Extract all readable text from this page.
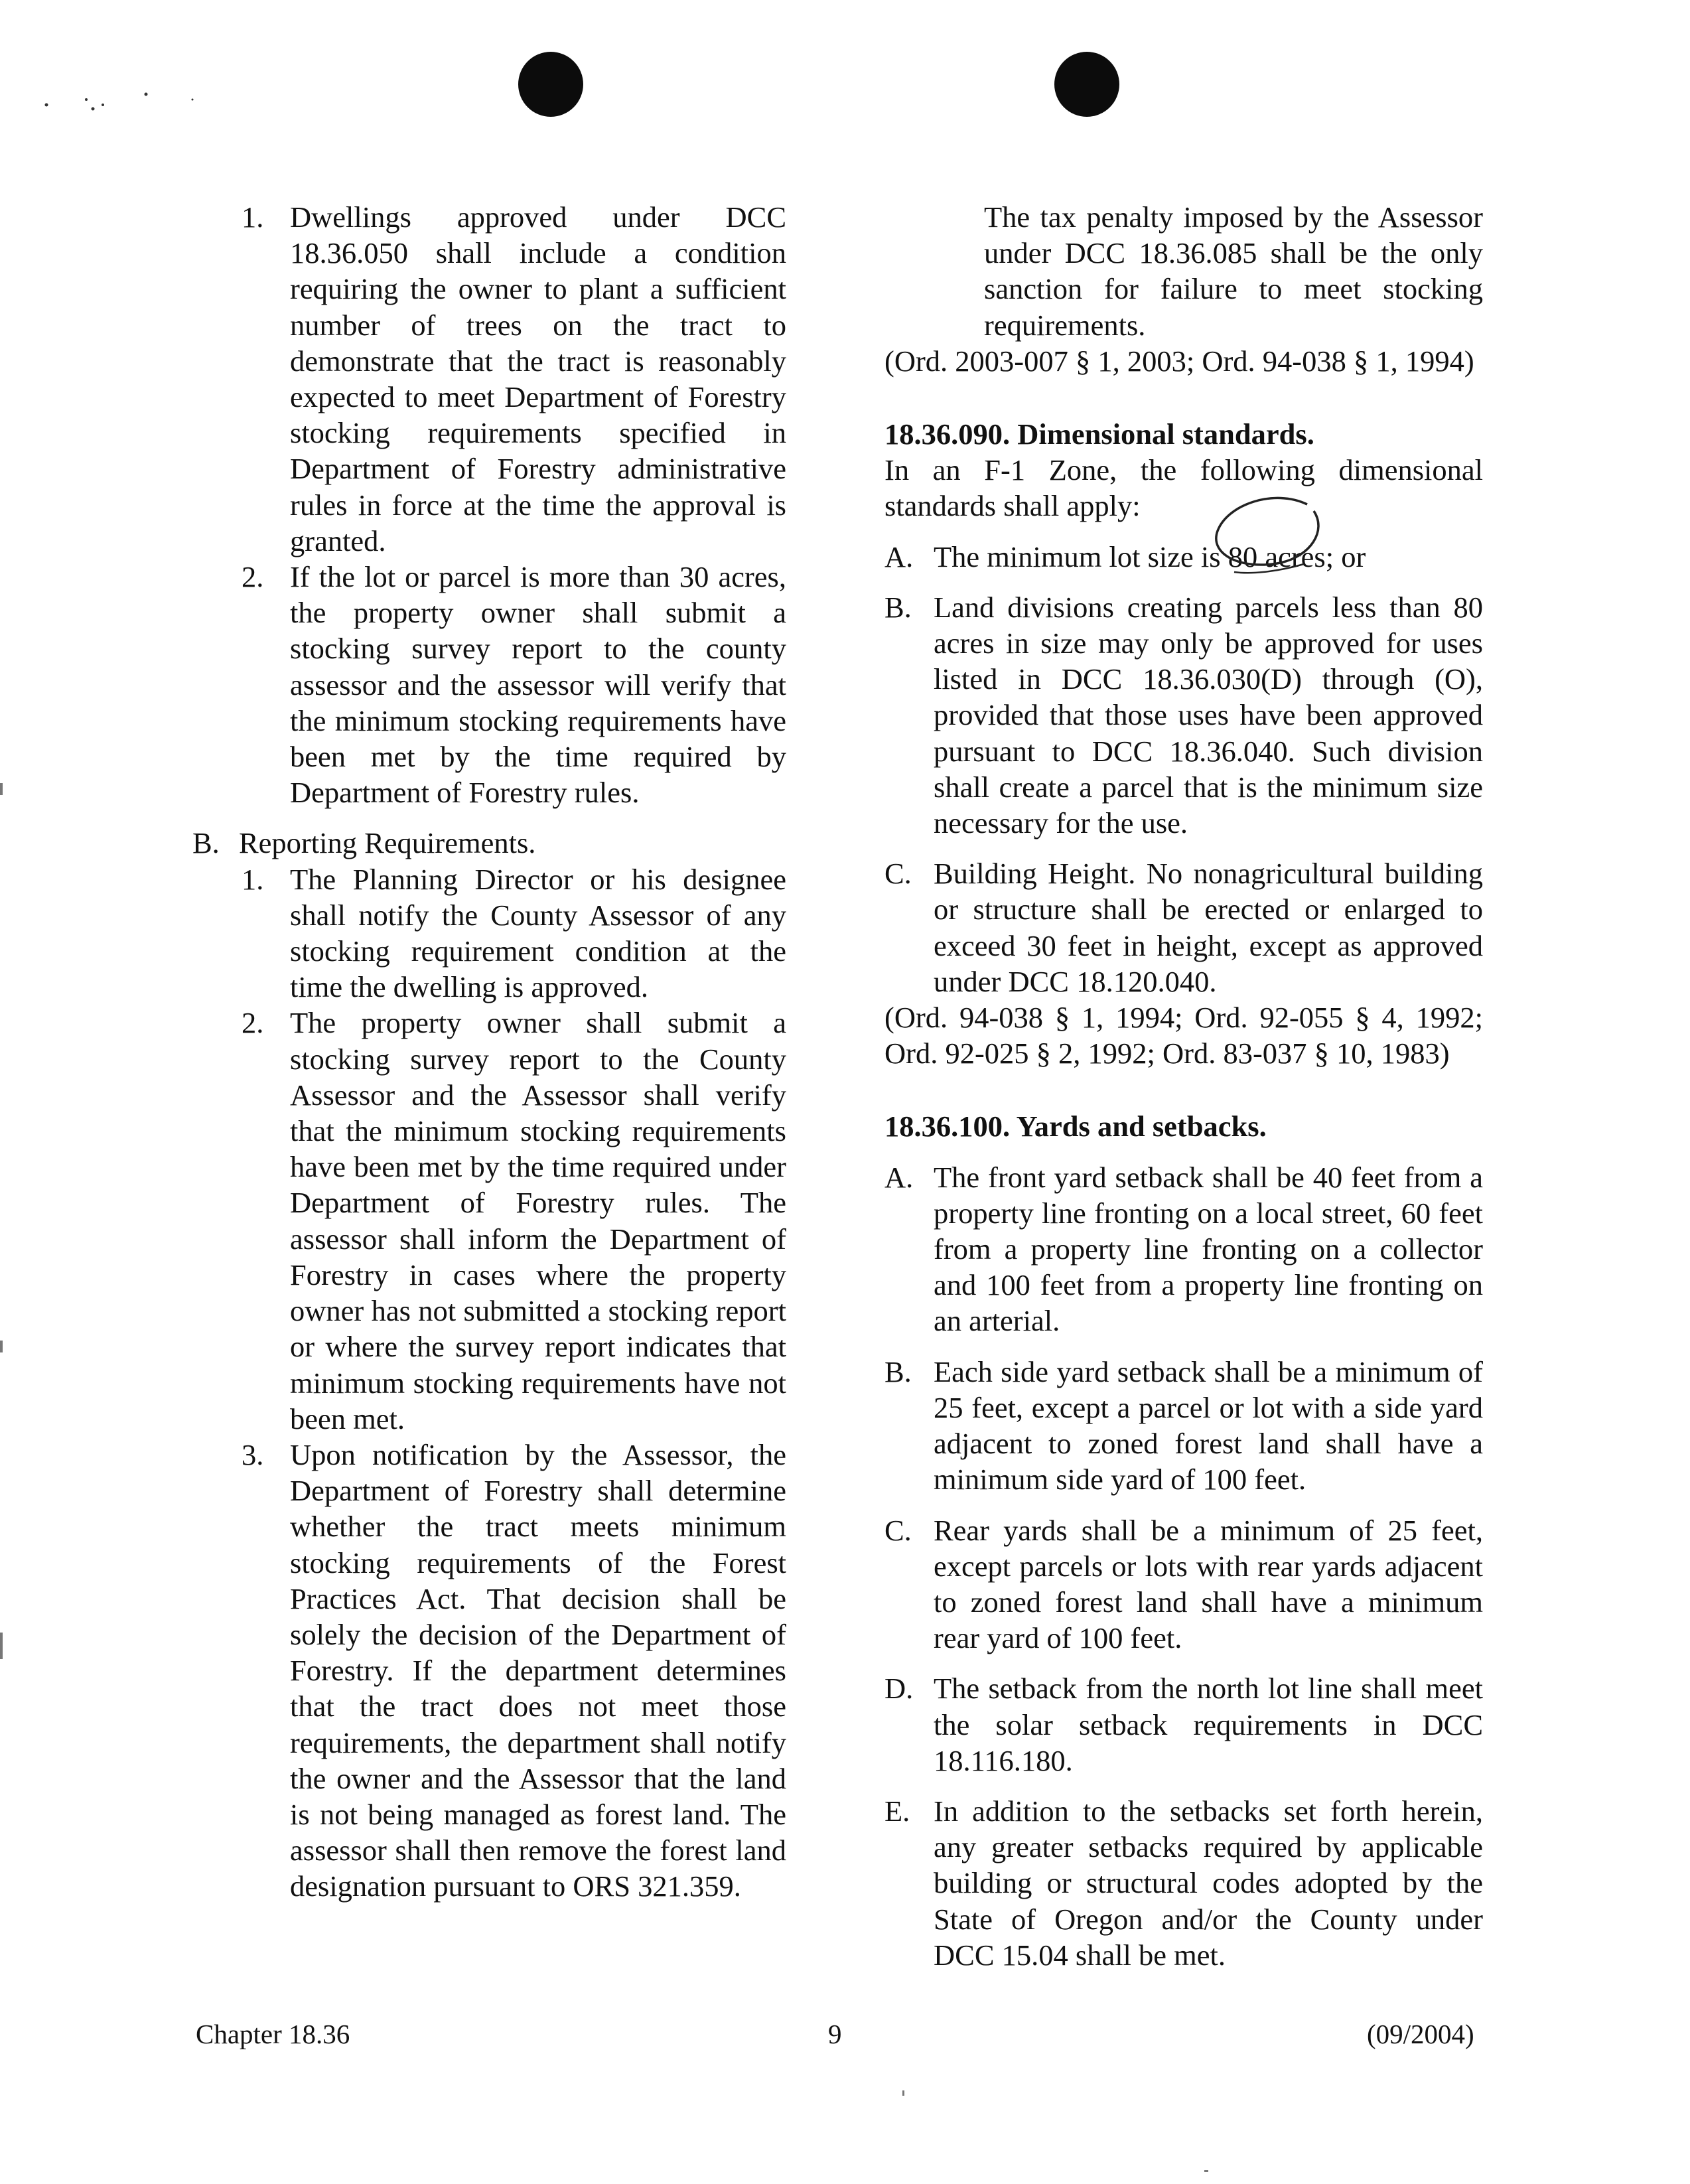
1. Dwellings approved under DCC 18.36.050 shall include a condition requiring the owner to plant a sufficient number of trees on the tract to demonstrate that the tract is reasonably expected to meet Department of Forestry stocking requirements specified in Department of Forestry administrative rules in force at the time the approval is granted.

2. If the lot or parcel is more than 30 acres, the property owner shall submit a stocking survey report to the county assessor and the assessor will verify that the minimum stocking requirements have been met by the time required by Department of Forestry rules.

B. Reporting Requirements.
1. The Planning Director or his designee shall notify the County Assessor of any stocking requirement condition at the time the dwelling is approved.

2. The property owner shall submit a stocking survey report to the County Assessor and the Assessor shall verify that the minimum stocking requirements have been met by the time required under Department of Forestry rules. The assessor shall inform the Department of Forestry in cases where the property owner has not submitted a stocking report or where the survey report indicates that minimum stocking requirements have not been met.

3. Upon notification by the Assessor, the Department of Forestry shall determine whether the tract meets minimum stocking requirements of the Forest Practices Act. That decision shall be solely the decision of the Department of Forestry. If the department determines that the tract does not meet those requirements, the department shall notify the owner and the Assessor that the land is not being managed as forest land. The assessor shall then remove the forest land designation pursuant to ORS 321.359.

The tax penalty imposed by the Assessor under DCC 18.36.085 shall be the only sanction for failure to meet stocking requirements.

(Ord. 2003-007 § 1, 2003; Ord. 94-038 § 1, 1994)

18.36.090. Dimensional standards.

In an F-1 Zone, the following dimensional standards shall apply:

A. The minimum lot size is 80 acres; or

B. Land divisions creating parcels less than 80 acres in size may only be approved for uses listed in DCC 18.36.030(D) through (O), provided that those uses have been approved pursuant to DCC 18.36.040. Such division shall create a parcel that is the minimum size necessary for the use.

C. Building Height. No nonagricultural building or structure shall be erected or enlarged to exceed 30 feet in height, except as approved under DCC 18.120.040.

(Ord. 94-038 § 1, 1994; Ord. 92-055 § 4, 1992; Ord. 92-025 § 2, 1992; Ord. 83-037 § 10, 1983)

18.36.100. Yards and setbacks.

A. The front yard setback shall be 40 feet from a property line fronting on a local street, 60 feet from a property line fronting on a collector and 100 feet from a property line fronting on an arterial.

B. Each side yard setback shall be a minimum of 25 feet, except a parcel or lot with a side yard adjacent to zoned forest land shall have a minimum side yard of 100 feet.

C. Rear yards shall be a minimum of 25 feet, except parcels or lots with rear yards adjacent to zoned forest land shall have a minimum rear yard of 100 feet.

D. The setback from the north lot line shall meet the solar setback requirements in DCC 18.116.180.

E. In addition to the setbacks set forth herein, any greater setbacks required by applicable building or structural codes adopted by the State of Oregon and/or the County under DCC 15.04 shall be met.

Chapter 18.36	9	(09/2004)
